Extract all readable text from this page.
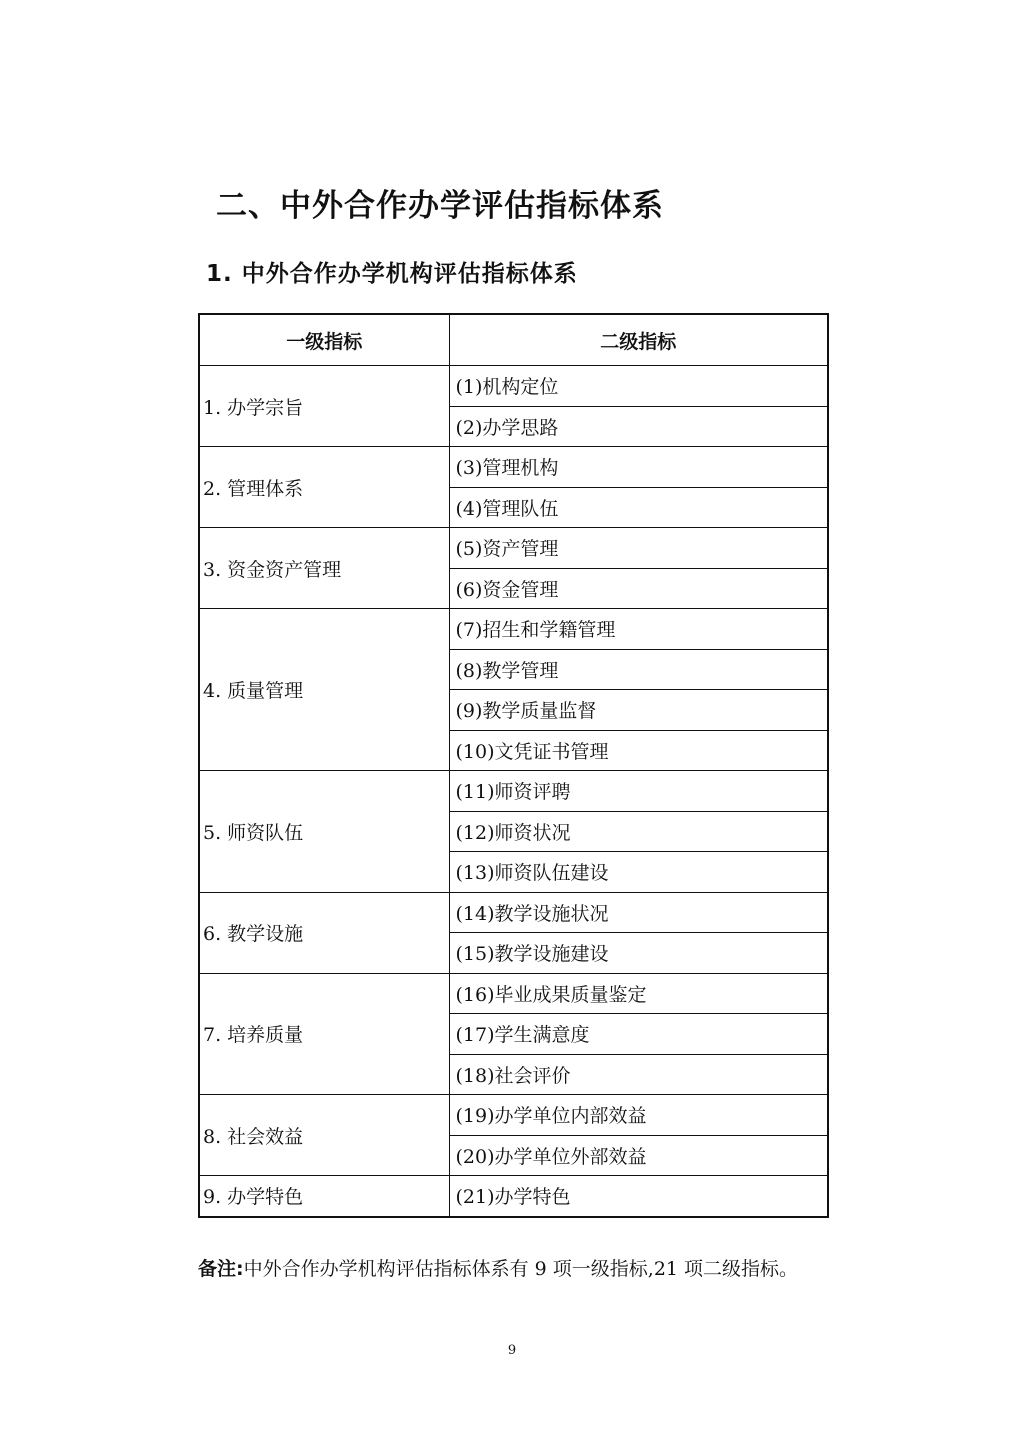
二、中外合作办学评估指标体系
1. 中外合作办学机构评估指标体系
一级指标	二级指标
1. 办学宗旨	(1)机构定位
	(2)办学思路
2. 管理体系	(3)管理机构
	(4)管理队伍
3. 资金资产管理	(5)资产管理
	(6)资金管理
4. 质量管理	(7)招生和学籍管理
	(8)教学管理
	(9)教学质量监督
	(10)文凭证书管理
5. 师资队伍	(11)师资评聘
	(12)师资状况
	(13)师资队伍建设
6. 教学设施	(14)教学设施状况
	(15)教学设施建设
7. 培养质量	(16)毕业成果质量鉴定
	(17)学生满意度
	(18)社会评价
8. 社会效益	(19)办学单位内部效益
	(20)办学单位外部效益
9. 办学特色	(21)办学特色
备注:中外合作办学机构评估指标体系有 9 项一级指标,21 项二级指标。
9
